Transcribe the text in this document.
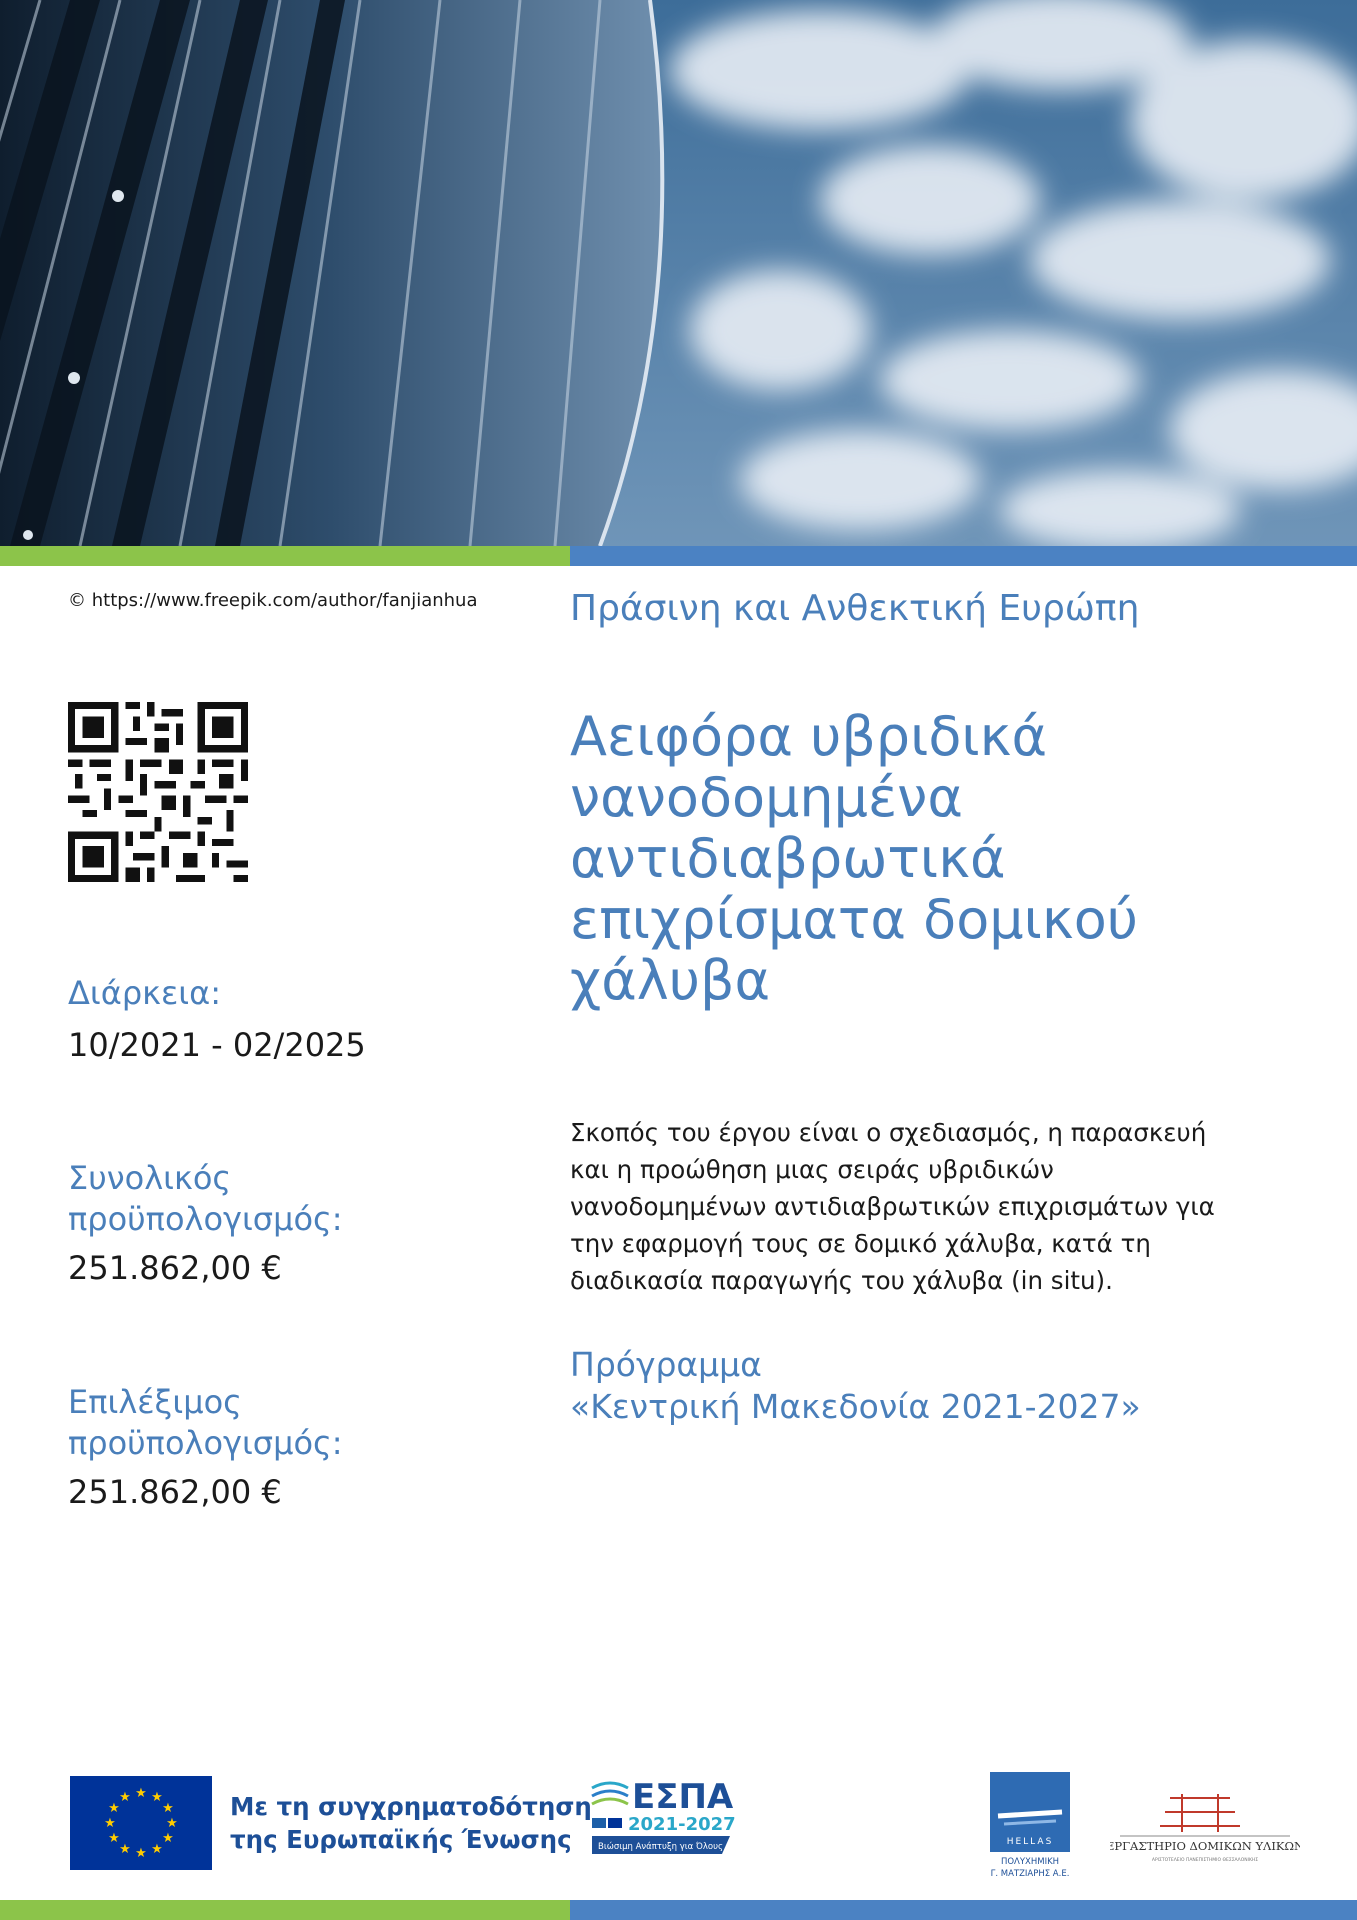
© https://www.freepik.com/author/fanjianhua
Διάρκεια:
10/2021 - 02/2025
Συνολικός
προϋπολογισμός:
251.862,00 €
Επιλέξιμος
προϋπολογισμός:
251.862,00 €
Πράσινη και Ανθεκτική Ευρώπη
Αειφόρα υβριδικά
νανοδομημένα
αντιδιαβρωτικά
επιχρίσματα δομικού
χάλυβα
Σκοπός του έργου είναι ο σχεδιασμός, η παρασκευή
και η προώθηση μιας σειράς υβριδικών
νανοδομημένων αντιδιαβρωτικών επιχρισμάτων για
την εφαρμογή τους σε δομικό χάλυβα, κατά τη
διαδικασία παραγωγής του χάλυβα (in situ).
Πρόγραμμα
«Κεντρική Μακεδονία 2021-2027»
★ ★
★
★
★
★
★
★
★
★
★
★	Με τη συγχρηματοδότηση
της Ευρωπαϊκής Ένωσης
ΕΣΠΑ
2021-2027
Βιώσιμη Ανάπτυξη για Όλους	HELLAS
ΠΟΛΥΧΗΜΙΚΗ
Γ. ΜΑΤΖΙΑΡΗΣ Α.Ε.
ΕΡΓΑΣΤΗΡΙΟ ΔΟΜΙΚΩΝ ΥΛΙΚΩΝ
ΑΡΙΣΤΟΤΕΛΕΙΟ ΠΑΝΕΠΙΣΤΗΜΙΟ ΘΕΣΣΑΛΟΝΙΚΗΣ
